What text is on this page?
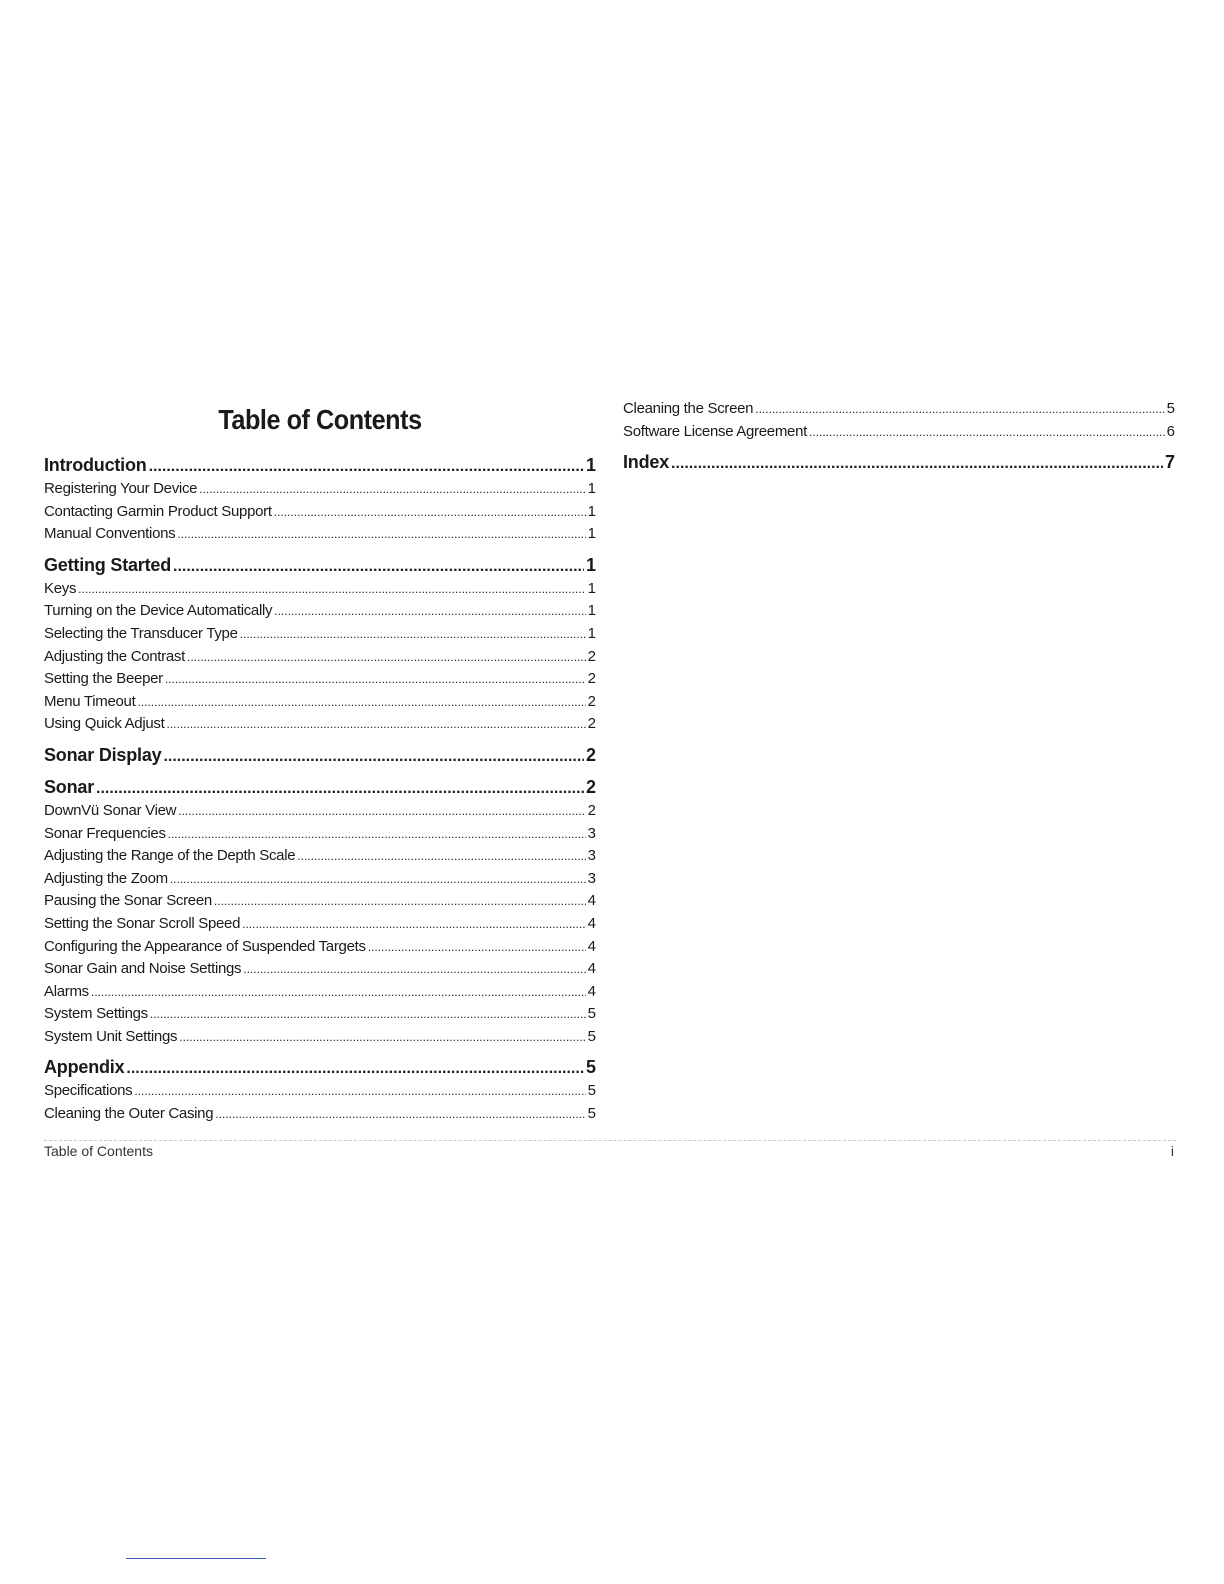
Table of Contents
Introduction .....	1
Registering Your Device .....	1
Contacting Garmin Product Support .....	1
Manual Conventions .....	1
Getting Started .....	1
Keys .....	1
Turning on the Device Automatically .....	1
Selecting the Transducer Type .....	1
Adjusting the Contrast .....	2
Setting the Beeper .....	2
Menu Timeout .....	2
Using Quick Adjust .....	2
Sonar Display .....	2
Sonar .....	2
DownVü Sonar View .....	2
Sonar Frequencies .....	3
Adjusting the Range of the Depth Scale .....	3
Adjusting the Zoom .....	3
Pausing the Sonar Screen .....	4
Setting the Sonar Scroll Speed .....	4
Configuring the Appearance of Suspended Targets .....	4
Sonar Gain and Noise Settings .....	4
Alarms .....	4
System Settings .....	5
System Unit Settings .....	5
Appendix .....	5
Specifications .....	5
Cleaning the Outer Casing .....	5
Cleaning the Screen .....	5
Software License Agreement .....	6
Index .....	7
Table of Contents	i
